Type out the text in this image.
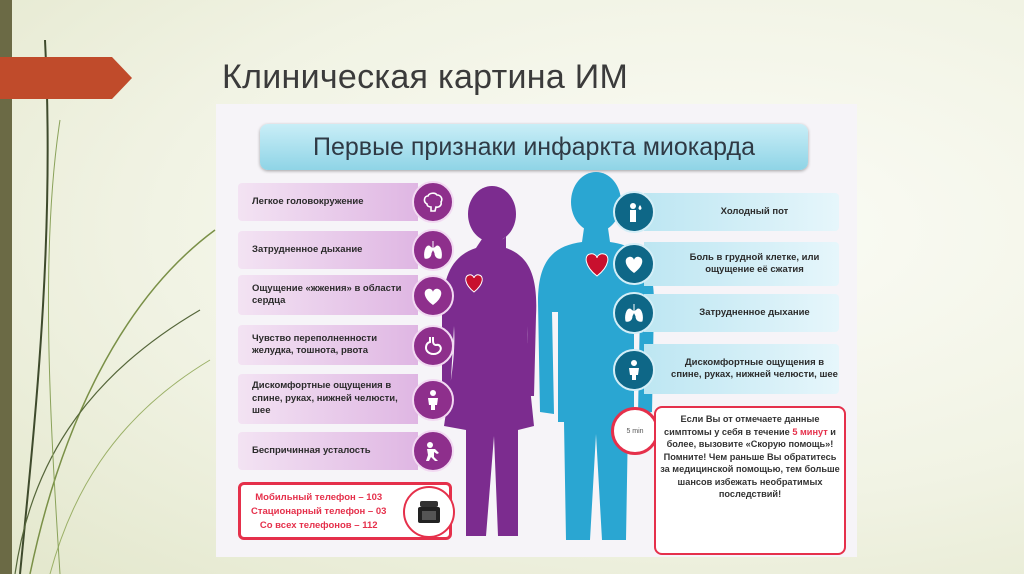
Клиническая картина ИМ
Первые признаки инфаркта миокарда
Легкое головокружение
Затрудненное дыхание
Ощущение «жжения» в области сердца
Чувство переполненности желудка, тошнота, рвота
Дискомфортные ощущения в спине, руках, нижней челюсти, шее
Беспричинная усталость
Холодный пот
Боль в грудной клетке, или ощущение её сжатия
Затрудненное дыхание
Дискомфортные ощущения в спине, руках, нижней челюсти, шее
Мобильный телефон – 103
Стационарный телефон – 03
Со всех телефонов – 112
5 min
Если Вы от отмечаете данные симптомы у себя в течение 5 минут и более, вызовите «Скорую помощь»!
Помните! Чем раньше Вы обратитесь за медицинской помощью, тем больше шансов избежать необратимых последствий!
